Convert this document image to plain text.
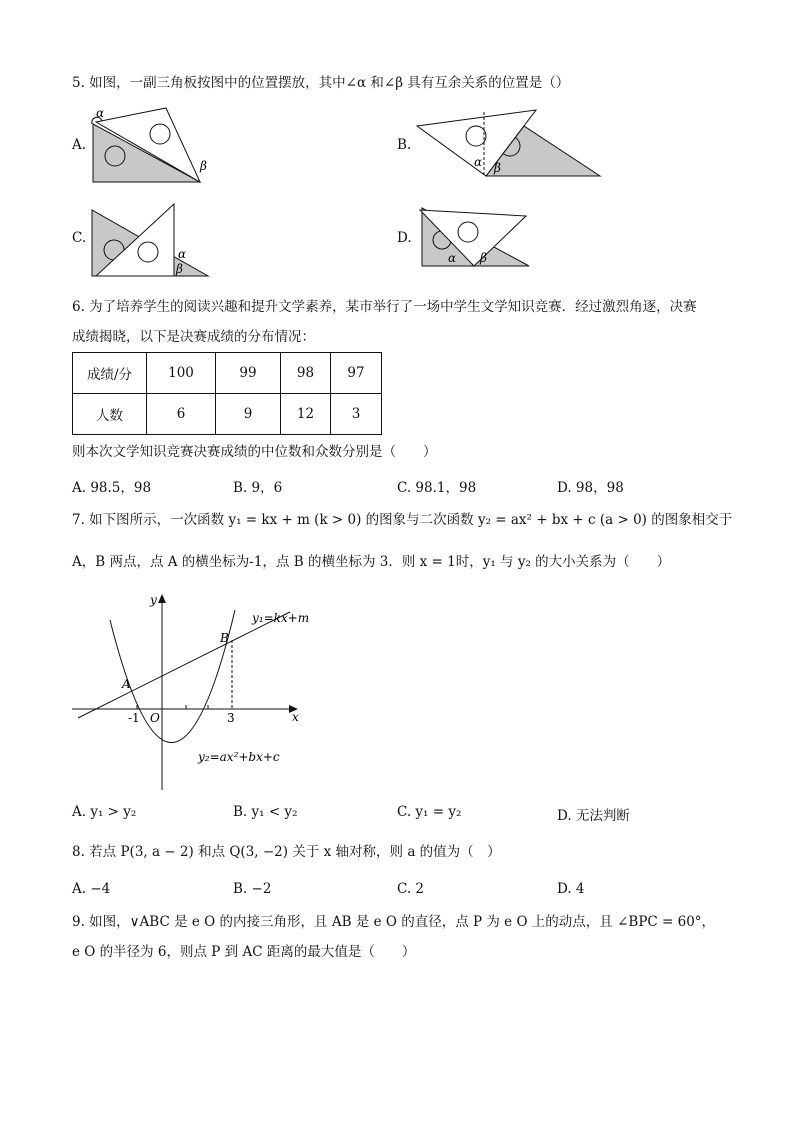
5. 如图，一副三角板按图中的位置摆放，其中∠α 和∠β 具有互余关系的位置是（）
A.
α
β
B.
α β
C.
α
β
D.
α β
6. 为了培养学生的阅读兴趣和提升文学素养，某市举行了一场中学生文学知识竞赛．经过激烈角逐，决赛
成绩揭晓，以下是决赛成绩的分布情况：
成绩/分	100	99	98	97
人数	6	9	12	3
则本次文学知识竞赛决赛成绩的中位数和众数分别是（　　）
A. 98.5，98	B. 9，6	C. 98.1，98	D. 98，98
7. 如下图所示，一次函数 y₁ = kx + m (k > 0) 的图象与二次函数 y₂ = ax² + bx + c (a > 0) 的图象相交于
A，B 两点，点 A 的横坐标为-1，点 B 的横坐标为 3．则 x = 1时，y₁ 与 y₂ 的大小关系为（　　）
y
x
O
-1	3
A
B
y₁=kx+m
y₂=ax²+bx+c
A. y₁ > y₂	B. y₁ < y₂	C. y₁ = y₂	D. 无法判断
8. 若点 P(3, a − 2) 和点 Q(3, −2) 关于 x 轴对称，则 a 的值为（　）
A. −4	B. −2	C. 2	D. 4
9. 如图，∨ABC 是 e O 的内接三角形，且 AB 是 e O 的直径，点 P 为 e O 上的动点，且 ∠BPC = 60°，
e O 的半径为 6，则点 P 到 AC 距离的最大值是（　　）
